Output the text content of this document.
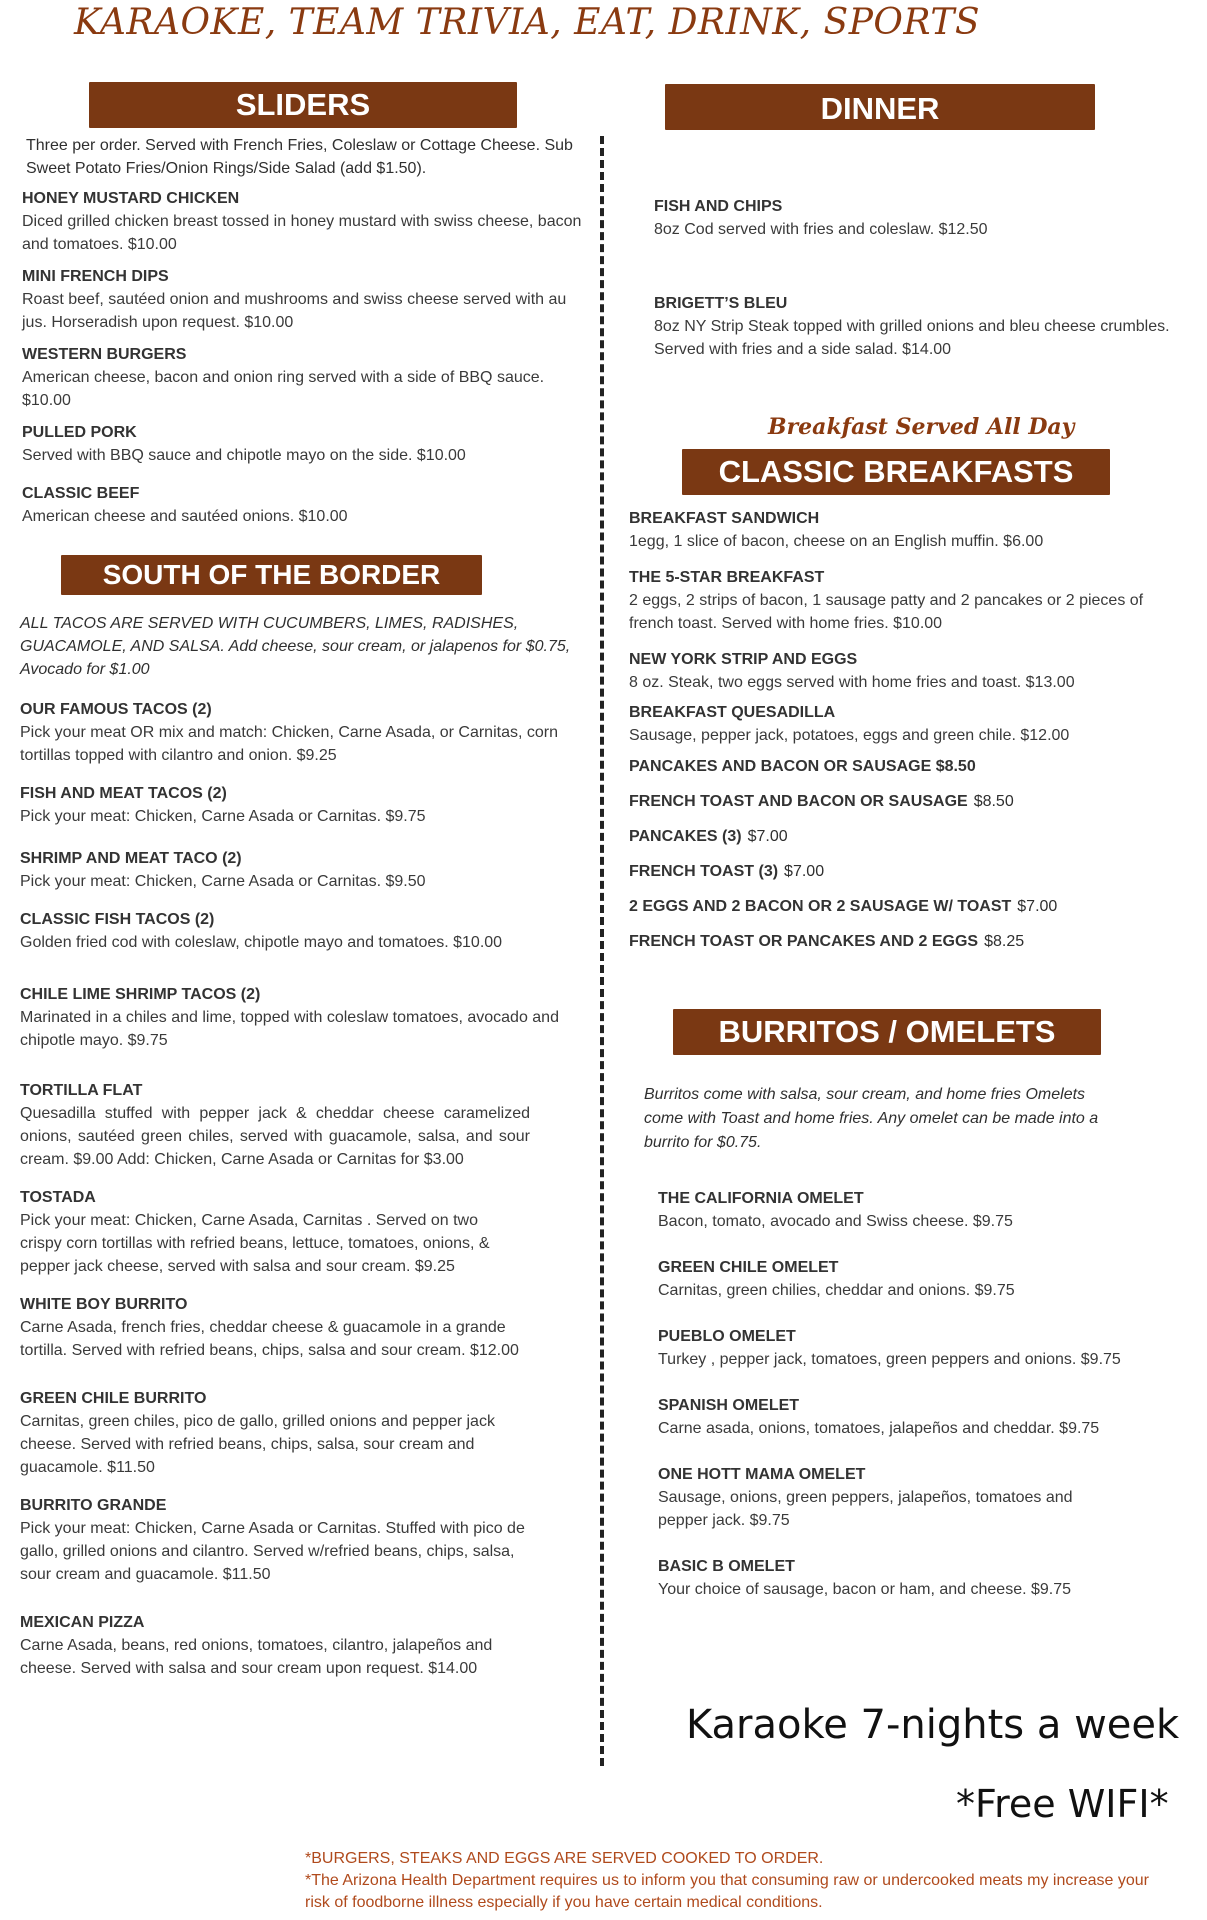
KARAOKE, TEAM TRIVIA, EAT, DRINK, SPORTS
SLIDERS
Three per order. Served with French Fries, Coleslaw or Cottage Cheese. Sub Sweet Potato Fries/Onion Rings/Side Salad (add $1.50).
HONEY MUSTARD CHICKEN
Diced grilled chicken breast tossed in honey mustard with swiss cheese, bacon and tomatoes. $10.00
MINI FRENCH DIPS
Roast beef, sautéed onion and mushrooms and swiss cheese served with au jus. Horseradish upon request. $10.00
WESTERN BURGERS
American cheese, bacon and onion ring served with a side of BBQ sauce. $10.00
PULLED PORK
Served with BBQ sauce and chipotle mayo on the side. $10.00
CLASSIC BEEF
American cheese and sautéed onions. $10.00
SOUTH OF THE BORDER
ALL TACOS ARE SERVED WITH CUCUMBERS, LIMES, RADISHES, GUACAMOLE, AND SALSA. Add cheese, sour cream, or jalapenos for $0.75, Avocado for $1.00
OUR FAMOUS TACOS (2)
Pick your meat OR mix and match: Chicken, Carne Asada, or Carnitas, corn tortillas topped with cilantro and onion. $9.25
FISH AND MEAT TACOS (2)
Pick your meat: Chicken, Carne Asada or Carnitas. $9.75
SHRIMP AND MEAT TACO (2)
Pick your meat: Chicken, Carne Asada or Carnitas. $9.50
CLASSIC FISH TACOS (2)
Golden fried cod with coleslaw, chipotle mayo and tomatoes. $10.00
CHILE LIME SHRIMP TACOS (2)
Marinated in a chiles and lime, topped with coleslaw tomatoes, avocado and chipotle mayo. $9.75
TORTILLA FLAT
Quesadilla stuffed with pepper jack & cheddar cheese caramelized onions, sautéed green chiles, served with guacamole, salsa, and sour cream. $9.00 Add: Chicken, Carne Asada or Carnitas for $3.00
TOSTADA
Pick your meat: Chicken, Carne Asada, Carnitas . Served on two crispy corn tortillas with refried beans, lettuce, tomatoes, onions, & pepper jack cheese, served with salsa and sour cream. $9.25
WHITE BOY BURRITO
Carne Asada, french fries, cheddar cheese & guacamole in a grande tortilla. Served with refried beans, chips, salsa and sour cream. $12.00
GREEN CHILE BURRITO
Carnitas, green chiles, pico de gallo, grilled onions and pepper jack cheese. Served with refried beans, chips, salsa, sour cream and guacamole. $11.50
BURRITO GRANDE
Pick your meat: Chicken, Carne Asada or Carnitas. Stuffed with pico de gallo, grilled onions and cilantro. Served w/refried beans, chips, salsa, sour cream and guacamole. $11.50
MEXICAN PIZZA
Carne Asada, beans, red onions, tomatoes, cilantro, jalapeños and cheese. Served with salsa and sour cream upon request. $14.00
DINNER
FISH AND CHIPS
8oz Cod served with fries and coleslaw. $12.50
BRIGETT’S BLEU
8oz NY Strip Steak topped with grilled onions and bleu cheese crumbles. Served with fries and a side salad. $14.00
Breakfast Served All Day
CLASSIC BREAKFASTS
BREAKFAST SANDWICH
1egg, 1 slice of bacon, cheese on an English muffin. $6.00
THE 5-STAR BREAKFAST
2 eggs, 2 strips of bacon, 1 sausage patty and 2 pancakes or 2 pieces of french toast. Served with home fries. $10.00
NEW YORK STRIP AND EGGS
8 oz. Steak, two eggs served with home fries and toast. $13.00
BREAKFAST QUESADILLA
Sausage, pepper jack, potatoes, eggs and green chile. $12.00
PANCAKES AND BACON OR SAUSAGE $8.50
FRENCH TOAST AND BACON OR SAUSAGE $8.50
PANCAKES (3) $7.00
FRENCH TOAST (3) $7.00
2 EGGS AND 2 BACON OR 2 SAUSAGE W/ TOAST $7.00
FRENCH TOAST OR PANCAKES AND 2 EGGS $8.25
BURRITOS / OMELETS
Burritos come with salsa, sour cream, and home fries Omelets come with Toast and home fries. Any omelet can be made into a burrito for $0.75.
THE CALIFORNIA OMELET
Bacon, tomato, avocado and Swiss cheese. $9.75
GREEN CHILE OMELET
Carnitas, green chilies, cheddar and onions. $9.75
PUEBLO OMELET
Turkey , pepper jack, tomatoes, green peppers and onions. $9.75
SPANISH OMELET
Carne asada, onions, tomatoes, jalapeños and cheddar. $9.75
ONE HOTT MAMA OMELET
Sausage, onions, green peppers, jalapeños, tomatoes and pepper jack. $9.75
BASIC B OMELET
Your choice of sausage, bacon or ham, and cheese. $9.75
Karaoke 7-nights a week
*Free WIFI*
*BURGERS, STEAKS AND EGGS ARE SERVED COOKED TO ORDER.
*The Arizona Health Department requires us to inform you that consuming raw or undercooked meats my increase your risk of foodborne illness especially if you have certain medical conditions.
